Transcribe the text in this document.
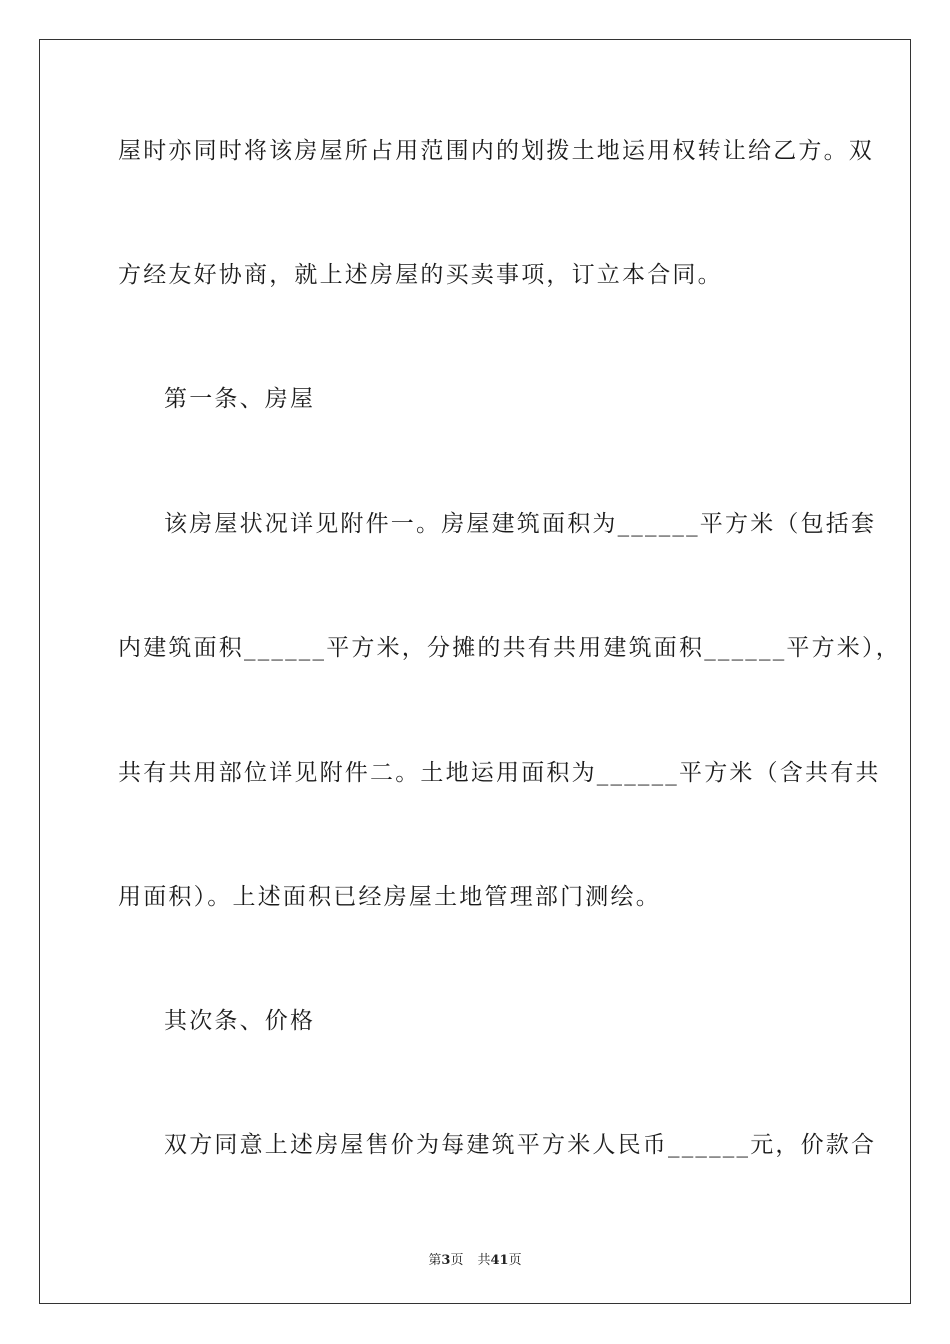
屋时亦同时将该房屋所占用范围内的划拨土地运用权转让给乙方。双
方经友好协商，就上述房屋的买卖事项，订立本合同。
第一条、房屋
该房屋状况详见附件一。房屋建筑面积为______平方米（包括套
内建筑面积______平方米，分摊的共有共用建筑面积______平方米），
共有共用部位详见附件二。土地运用面积为______平方米（含共有共
用面积）。上述面积已经房屋土地管理部门测绘。
其次条、价格
双方同意上述房屋售价为每建筑平方米人民币______元，价款合
第3页 共41页
